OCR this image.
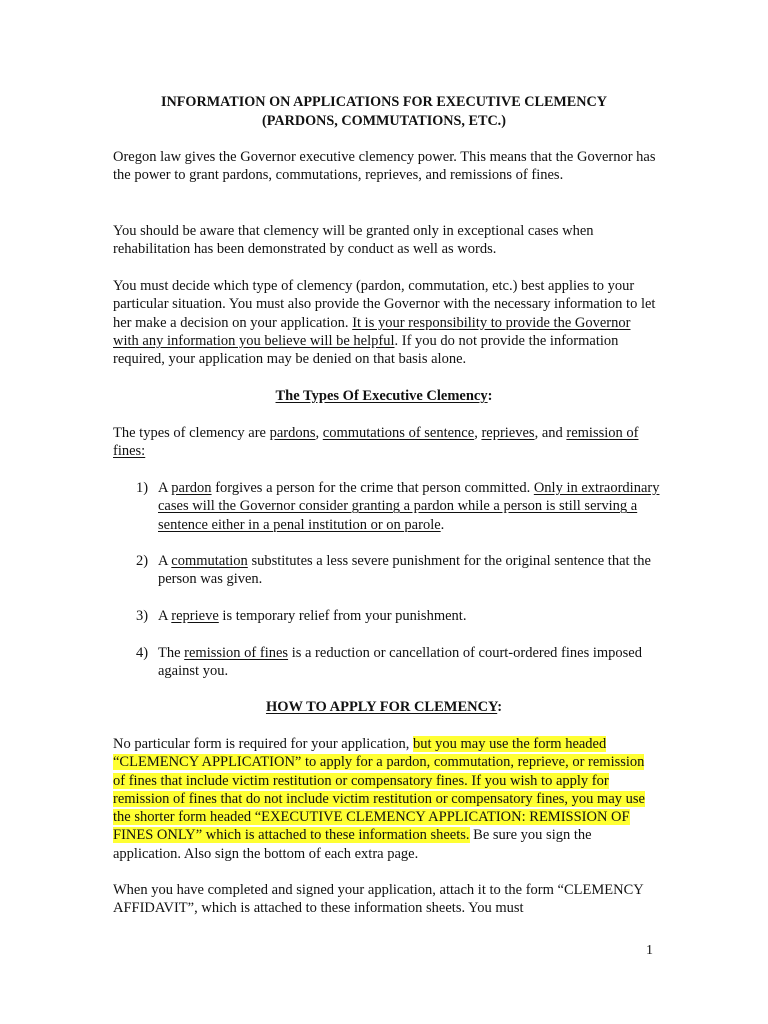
INFORMATION ON APPLICATIONS FOR EXECUTIVE CLEMENCY
(PARDONS, COMMUTATIONS, ETC.)

Oregon law gives the Governor executive clemency power. This means that the Governor has the power to grant pardons, commutations, reprieves, and remissions of fines.

You should be aware that clemency will be granted only in exceptional cases when rehabilitation has been demonstrated by conduct as well as words.

You must decide which type of clemency (pardon, commutation, etc.) best applies to your particular situation. You must also provide the Governor with the necessary information to let her make a decision on your application. It is your responsibility to provide the Governor with any information you believe will be helpful. If you do not provide the information required, your application may be denied on that basis alone.

The Types Of Executive Clemency:

The types of clemency are pardons, commutations of sentence, reprieves, and remission of fines:

1) A pardon forgives a person for the crime that person committed. Only in extraordinary cases will the Governor consider granting a pardon while a person is still serving a sentence either in a penal institution or on parole.
2) A commutation substitutes a less severe punishment for the original sentence that the person was given.
3) A reprieve is temporary relief from your punishment.
4) The remission of fines is a reduction or cancellation of court-ordered fines imposed against you.
HOW TO APPLY FOR CLEMENCY:

No particular form is required for your application, but you may use the form headed “CLEMENCY APPLICATION” to apply for a pardon, commutation, reprieve, or remission of fines that include victim restitution or compensatory fines. If you wish to apply for remission of fines that do not include victim restitution or compensatory fines, you may use the shorter form headed “EXECUTIVE CLEMENCY APPLICATION: REMISSION OF FINES ONLY” which is attached to these information sheets. Be sure you sign the application. Also sign the bottom of each extra page.

When you have completed and signed your application, attach it to the form “CLEMENCY AFFIDAVIT”, which is attached to these information sheets. You must

1
